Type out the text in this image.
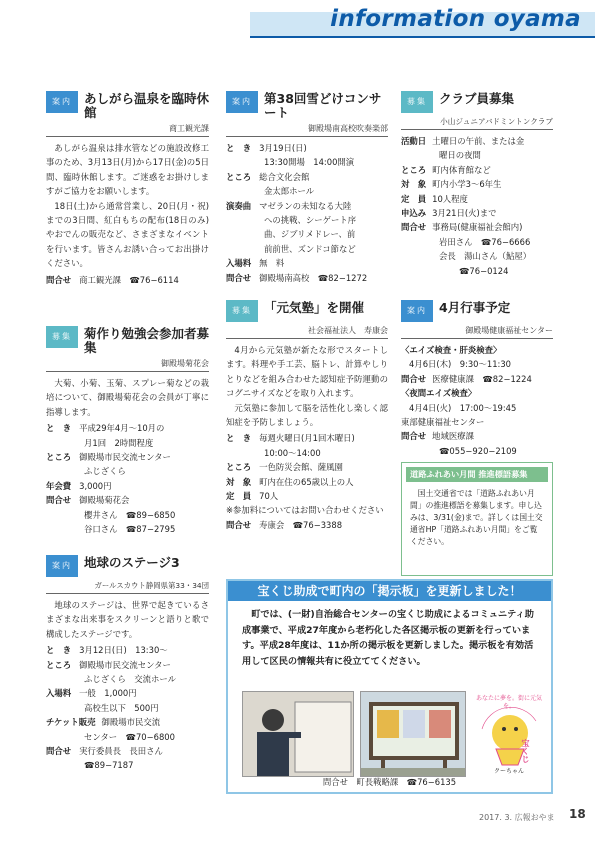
information oyama
案内 あしがら温泉を臨時休館
商工観光課

あしがら温泉は排水管などの施設改修工事のため、3月13日(月)から17日(金)の5日間、臨時休館します。ご迷惑をお掛けしますがご協力をお願いします。

18日(土)から通常営業し、20日(月・祝)までの3日間、紅白もちの配布(18日のみ)やおでんの販売など、さまざまなイベントを行います。皆さんお誘い合ってお出掛けください。

問合せ 商工観光課　☎76−6114
募集 菊作り勉強会参加者募集
御殿場菊花会

大菊、小菊、玉菊、スプレー菊などの栽培について、御殿場菊花会の会員が丁寧に指導します。

と　き 平成29年4月〜10月の
月1回　2時間程度
ところ 御殿場市民交流センター
ふじざくら
年会費 3,000円
問合せ 御殿場菊花会
櫻井さん　☎89−6850
谷口さん　☎87−2795
案内 地球のステージ3
ガールスカウト静岡県第33・34団

地球のステージは、世界で起きているさまざまな出来事をスクリーンと語りと歌で構成したステージです。

と　き 3月12日(日)　13:30〜
ところ 御殿場市民交流センター
ふじざくら　交流ホール
入場料 一般　1,000円
高校生以下　500円
チケット販売 御殿場市民交流
センター　☎70−6800
問合せ 実行委員長　長田さん
☎89−7187
案内 第38回雪どけコンサート
御殿場南高校吹奏楽部
と　き 3月19日(日)
13:30開場　14:00開演
ところ 総合文化会館
金太郎ホール
演奏曲 マゼランの未知なる大陸
への挑戦、シーゲート序
曲、ジブリメドレー、前
前前世、ズンドコ節など
入場料 無　料
問合せ 御殿場南高校　☎82−1272
募集 「元気塾」を開催
社会福祉法人　寿康会

4月から元気塾が新たな形でスタートします。料理や手工芸、脳トレ、計算やしりとりなどを組み合わせた認知症予防運動のコグニサイズなどを取り入れます。

元気塾に参加して脳を活性化し楽しく認知症を予防しましょう。

と　き 毎週火曜日(月1回木曜日)
10:00〜14:00
ところ 一色防災会館、薩風園
対　象 町内在住の65歳以上の人
定　員 70人
※参加料についてはお問い合わせください
問合せ 寿康会　☎76−3388
募集 クラブ員募集
小山ジュニアバドミントンクラブ
活動日 土曜日の午前、または金
曜日の夜間
ところ 町内体育館など
対　象 町内小学3〜6年生
定　員 10人程度
申込み 3月21日(火)まで
問合せ 事務局(健康福祉会館内)
岩田さん　☎76−6666
会長　湯山さん（鮎屋）
☎76−0124
案内 4月行事予定
御殿場健康福祉センター
〈エイズ検査・肝炎検査〉
4月6日(木)　9:30〜11:30
問合せ 医療健康課　☎82−1224
〈夜間エイズ検査〉
4月4日(火)　17:00〜19:45
東部健康福祉センター
問合せ 地域医療課
☎055−920−2109
道路ふれあい月間 推進標語募集
国土交通省では「道路ふれあい月間」の推進標語を募集します。申し込みは、3/31(金)まで。詳しくは国土交通省HP「道路ふれあい月間」をご覧ください。
宝くじ助成で町内の「掲示板」を更新しました！
町では、(一財)自治総合センターの宝くじ助成によるコミュニティ助成事業で、平成27年度から老朽化した各区掲示板の更新を行っています。平成28年度は、11か所の掲示板を更新しました。掲示板を有効活用して区民の情報共有に役立ててください。
あなたに夢を。街に元気を。
宝くじ
クーちゃん
問合せ　町長戦略課　☎76−6135
2017. 3. 広報おやま 18
